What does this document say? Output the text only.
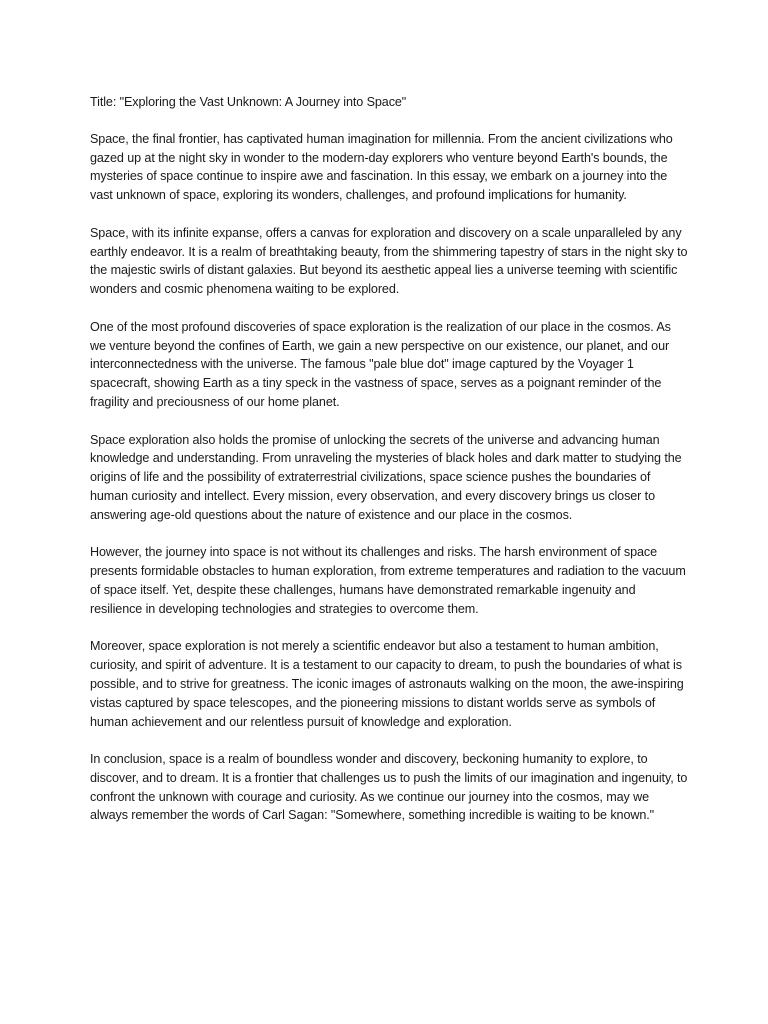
Title: "Exploring the Vast Unknown: A Journey into Space"

Space, the final frontier, has captivated human imagination for millennia. From the ancient civilizations who gazed up at the night sky in wonder to the modern-day explorers who venture beyond Earth's bounds, the mysteries of space continue to inspire awe and fascination. In this essay, we embark on a journey into the vast unknown of space, exploring its wonders, challenges, and profound implications for humanity.

Space, with its infinite expanse, offers a canvas for exploration and discovery on a scale unparalleled by any earthly endeavor. It is a realm of breathtaking beauty, from the shimmering tapestry of stars in the night sky to the majestic swirls of distant galaxies. But beyond its aesthetic appeal lies a universe teeming with scientific wonders and cosmic phenomena waiting to be explored.

One of the most profound discoveries of space exploration is the realization of our place in the cosmos. As we venture beyond the confines of Earth, we gain a new perspective on our existence, our planet, and our interconnectedness with the universe. The famous "pale blue dot" image captured by the Voyager 1 spacecraft, showing Earth as a tiny speck in the vastness of space, serves as a poignant reminder of the fragility and preciousness of our home planet.

Space exploration also holds the promise of unlocking the secrets of the universe and advancing human knowledge and understanding. From unraveling the mysteries of black holes and dark matter to studying the origins of life and the possibility of extraterrestrial civilizations, space science pushes the boundaries of human curiosity and intellect. Every mission, every observation, and every discovery brings us closer to answering age-old questions about the nature of existence and our place in the cosmos.

However, the journey into space is not without its challenges and risks. The harsh environment of space presents formidable obstacles to human exploration, from extreme temperatures and radiation to the vacuum of space itself. Yet, despite these challenges, humans have demonstrated remarkable ingenuity and resilience in developing technologies and strategies to overcome them.

Moreover, space exploration is not merely a scientific endeavor but also a testament to human ambition, curiosity, and spirit of adventure. It is a testament to our capacity to dream, to push the boundaries of what is possible, and to strive for greatness. The iconic images of astronauts walking on the moon, the awe-inspiring vistas captured by space telescopes, and the pioneering missions to distant worlds serve as symbols of human achievement and our relentless pursuit of knowledge and exploration.

In conclusion, space is a realm of boundless wonder and discovery, beckoning humanity to explore, to discover, and to dream. It is a frontier that challenges us to push the limits of our imagination and ingenuity, to confront the unknown with courage and curiosity. As we continue our journey into the cosmos, may we always remember the words of Carl Sagan: "Somewhere, something incredible is waiting to be known."
